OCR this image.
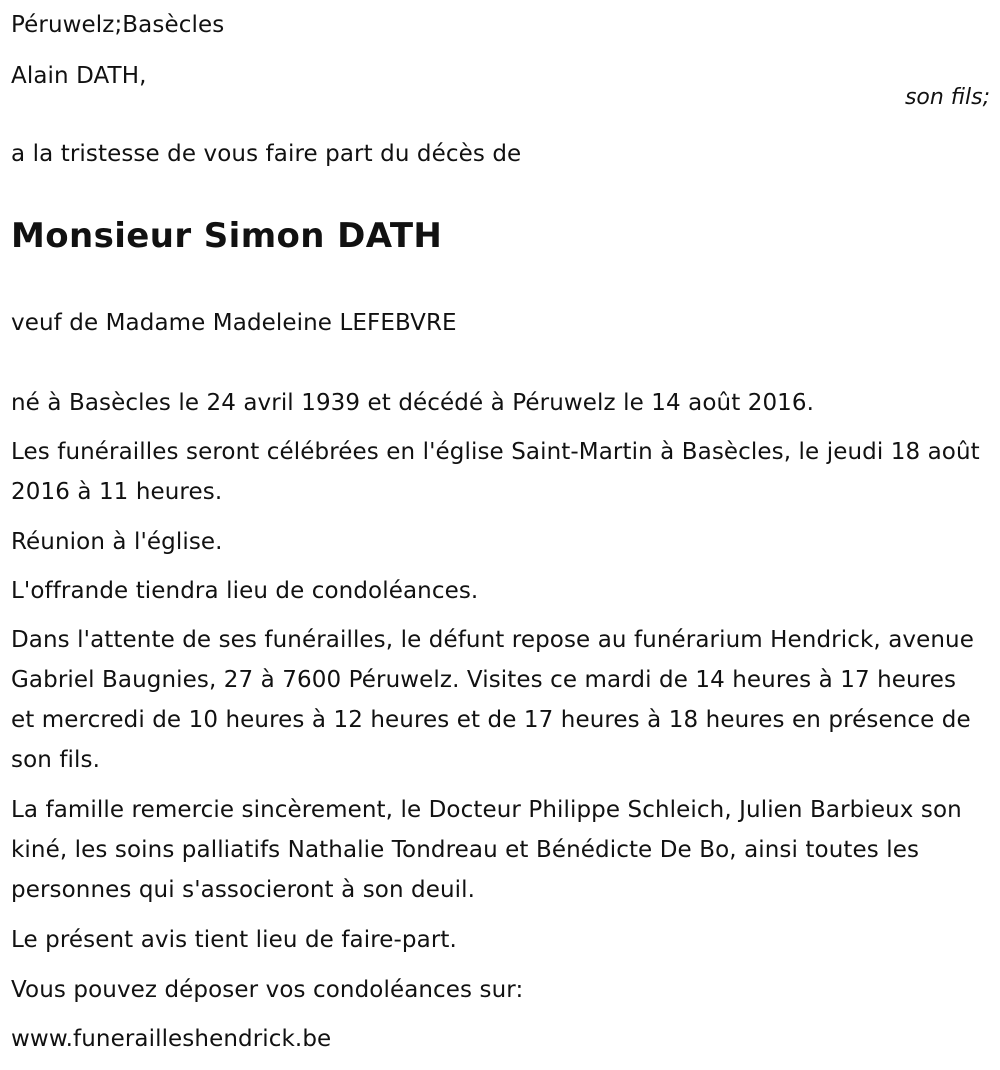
Péruwelz;Basècles
Alain DATH,
son fils;
a la tristesse de vous faire part du décès de
Monsieur Simon DATH
veuf de Madame Madeleine LEFEBVRE
né à Basècles le 24 avril 1939 et décédé à Péruwelz le 14 août 2016.
Les funérailles seront célébrées en l'église Saint-Martin à Basècles, le jeudi 18 août 2016 à 11 heures.
Réunion à l'église.
L'offrande tiendra lieu de condoléances.
Dans l'attente de ses funérailles, le défunt repose au funérarium Hendrick, avenue Gabriel Baugnies, 27 à 7600 Péruwelz. Visites ce mardi de 14 heures à 17 heures et mercredi de 10 heures à 12 heures et de 17 heures à 18 heures en présence de son fils.
La famille remercie sincèrement, le Docteur Philippe Schleich, Julien Barbieux son kiné, les soins palliatifs Nathalie Tondreau et Bénédicte De Bo, ainsi toutes les personnes qui s'associeront à son deuil.
Le présent avis tient lieu de faire-part.
Vous pouvez déposer vos condoléances sur:
www.funerailleshendrick.be
